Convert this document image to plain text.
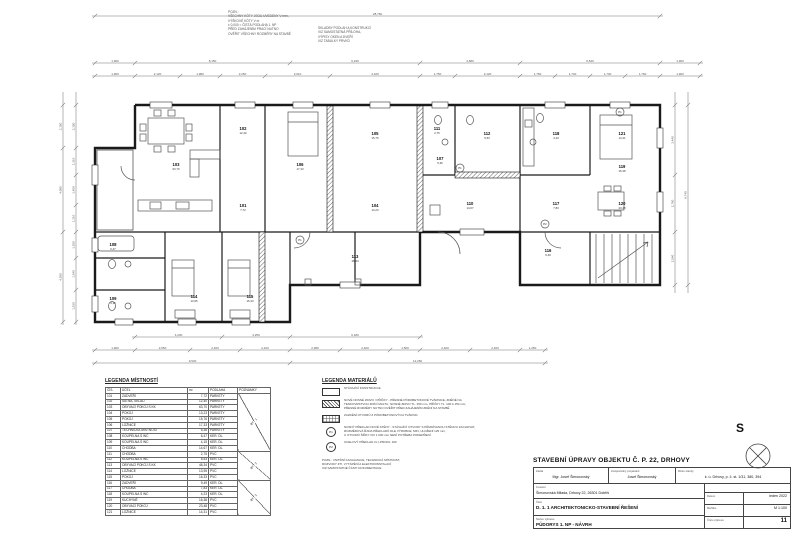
P1
P2
P1
P1
28,760
1,900	8,150	6,230	4,680	6,540	1,900
1,900	2,120	1,980	2,250	3,010	4,100	1,750	3,120	1,760	1,740	1,730	1,760	1,900
4,230	3,250	6,180
1,900	2,650	2,400	2,420	2,380	2,400	1,500	2,400	2,400	1,250
9,520	12,260
2,150
4,080
4,280
2,150
1,310
1,450
1,310
1,250
1,540
1,530
3,440
2,760
2,540
8,740
101
7,72
102
12,40
103
63,70
104
13,23
105
15,76
106
17,33
107
5,36
108
6,47
109
4,15
110
14,67
111
2,75	112
5,53
113
46,34
114
13,95
115
16,33
116
9,49
117
7,83
118
4,23
119
16,38
120
23,48
121
14,31
POZN.:
VŠECHNY KÓTY JSOU UVEDENY V mm,
VÝŠKOVÉ KÓTY V m
± 0,000 = ČISTÁ PODLAHA 1. NP
PŘED ZAHÁJENÍM PRACÍ NUTNO
OVĚŘIT VŠECHNY ROZMĚRY NA STAVBĚ
SKLADBY PODLAH A KONSTRUKCÍ
VIZ SAMOSTATNÁ PŘÍLOHA,
VÝPISY OKEN A DVEŘÍ
VIZ TABULKY PRVKŮ
LEGENDA MÍSTNOSTÍ
ČÍS.	ÚČEL	m²	PODLAHA	POZNÁMKY
101	ZÁDVEŘÍ	7,72	PARKETY	BYT 1

102	ŠATNA, SKLAD	12,40	PARKETY	
103	OBÝVACÍ POKOJ S KK	63,70	PARKETY	
104	POKOJ	13,23	PARKETY	
105	POKOJ	15,76	PARKETY	
106	LOŽNICE	17,33	PARKETY	
107	TECHNICKÁ MÍSTNOST	5,36	PARKETY	
108	KOUPELNA S WC	6,47	KER. DL.	
109	KOUPELNA S WC	4,15	KER. DL.	
110	CHODBA	14,67	KER. DL.	
111	CHODBA	2,75	PVC	BYT 2

112	KOUPELNA S WC	5,53	KER. DL.	
113	OBÝVACÍ POKOJ S KK	46,34	PVC	
114	LOŽNICE	13,95	PVC	
115	POKOJ	16,33	PVC	
116	ZÁDVEŘÍ	9,49	KER. DL.	BYT 3

117	CHODBA	7,83	KER. DL.	
118	KOUPELNA S WC	4,23	KER. DL.	
119	KUCHYNĚ	16,38	PVC	
120	OBÝVACÍ POKOJ	23,48	PVC	
121	LOŽNICE	14,31	PVC	
LEGENDA MATERIÁLŮ
STÁVAJÍCÍ KONSTRUKCE
NOVÉ NOSNÉ ZDIVO / PŘÍČKY - PŘESNÉ PÓROBETONOVÉ TVÁRNICE, ZDĚNÉ NA
TENKOVRSTVOU ZDÍCÍ MALTU, NOSNÉ ZDIVO TL. 250 mm, PŘÍČKY TL. 100 A 150 mm,
PŘESNÉ ROZMĚRY NUTNO OVĚŘIT PŘED ZAHÁJENÍM ZDĚNÍ NA STAVBĚ
ZAZDĚNÍ OTVORŮ Z PÓROBETONOVÝCH TVÁRNIC
P1
NOSNÝ PŘEKLAD NOVÉ STĚNY - STÁVAJÍCÍ OTVORY S PŘIZDÍVANOU STĚNOU ZACHOVAT,
ROZMĚROVÁ ŘADA PŘEKLADŮ DLE VÝROBCE, MIN. ULOŽENÍ 125 mm,
U OTVORŮ ŠÍŘKY DO 1 000 mm NENÍ POTŘEBA PODEPŘENÍ
P2
OCELOVÝ PŘEKLAD 2x I-PROFIL 160
POZN.: VNITŘNÍ KANALIZACE, TECHNICKÁ MÍSTNOST,
ROZVODY ZTI, VYTÁPĚNÍ A ELEKTROINSTALACÍ
VIZ SAMOSTATNÉ ČÁSTI DOKUMENTACE
STAVEBNÍ ÚPRAVY OBJEKTU Č. P. 22, DRHOVY
Zadal
Mgr. Josef Šimonovský
Zodpovědný projektant
Josef Šimonovský
Místo stavby
k. ú. Drhovy, p. č. st. 1/31, 380, 394
Investor
Šimonovská Milada, Drhovy 22, 26301 Dobříš
Část
D. 1. 1 ARCHITEKTONICKO-STAVEBNÍ ŘEŠENÍ
Název výkresu
PŮDORYS 1. NP - NÁVRH
Datum	leden 2022
Měřítko	M 1:100
Číslo výkresu	11
S
